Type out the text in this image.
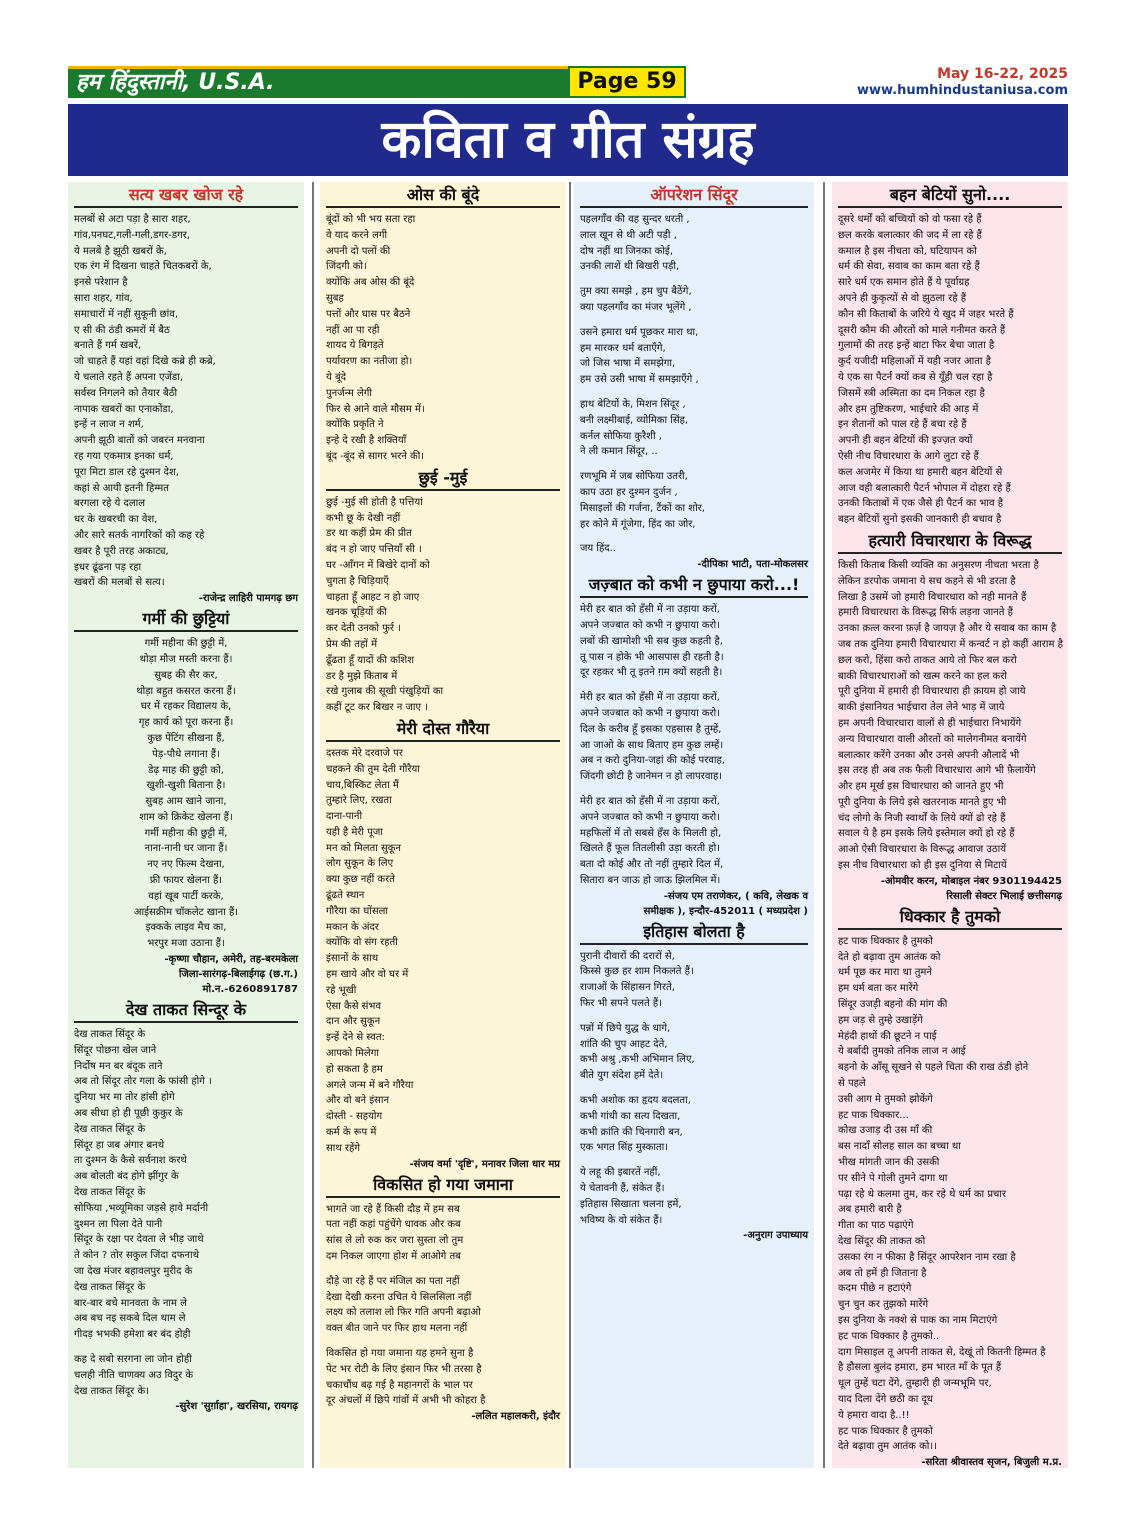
हम हिंदुस्तानी, U.S.A.	Page 59	May 16-22, 2025
www.humhindustaniusa.com
कविता व गीत संग्रह
सत्य खबर खोज रहे
मलबों से अटा पड़ा है सारा शहर,
गांव,पनघट,गली-गली,डगर-डगर,
ये मलबे है झूठी खबरों के,
एक रंग में दिखना चाहते चितकबरों के,
इनसे परेशान है
सारा शहर, गांव,
समाचारों में नहीं सुकूनी छांव,
ए सी की ठंडी कमरों में बैठ
बनाते हैं गर्म खबरें,
जो चाहते हैं यहां वहां दिखे कब्रे ही कब्रे,
ये चलाते रहते हैं अपना एजेंडा,
सर्वस्व निगलने को तैयार बैठी
नापाक खबरों का एनाकोंडा,
इन्हें न लाज न शर्म,
अपनी झूठी बातों को जबरन मनवाना
रह गया एकमात्र इनका धर्म,
पूरा मिटा डाल रहे दुश्मन देश,
कहां से आयी इतनी हिम्मत
बरगला रहे ये दलाल
धर के खबरची का वेश,
और सारे सतर्क नागरिकों को कह रहे
खबर है पूरी तरह अकाट्य,
इधर ढूंढना पड़ रहा
खबरों की मलबों से सत्य।
-राजेन्द्र लाहिरी पामगढ़ छग
गर्मी की छुट्टियां
गर्मी महीना की छुट्टी में,
थोड़ा मौज मस्ती करना हैं।
सुबह की सैर कर,
थोड़ा बहुत कसरत करना हैं।
घर में रहकर विद्यालय के,
गृह कार्य को पूरा करना हैं।
कुछ पेंटिंग सीखना हैं,
पेड़-पौधे लगाना हैं।
डेढ़ माह की छुट्टी को,
खुशी-खुशी बिताना है।
सुबह आम खाने जाना,
शाम को क्रिकेट खेलना हैं।
गर्मी महीना की छुट्टी में,
नाना-नानी घर जाना हैं।
नए नए फिल्म देखना,
फ्री फायर खेलना हैं।
वहां खूब पार्टी करके,
आईसक्रीम चॉकलेट खाना हैं।
इक्कके लाइव मैच का,
भरपुर मजा उठाना हैं।
-कृष्णा चौहान, अमेरी, तह-बरमकेला
जिला-सारंगढ़-बिलाईगढ़ (छ.ग.)
मो.न.-6260891787
देख ताकत सिन्दूर के
देख ताकत सिंदूर के
सिंदूर पोछना खेल जाने
निर्दोष मन बर बंदूक ताने
अब तो सिंदूर तोर गला के फांसी होगे ।
दुनिया भर मा तोर हांसी होगे
अब सीधा हो ही पूछी कुकुर के
देख ताकत सिंदूर के
सिंदूर हा जब अंगार बनथे
ता दुश्मन के कैसे सर्वनाश करथे
अब बोलती बंद होगे झींगुर के
देख ताकत सिंदूर के
सोफिया ,भव्यूमिका जड़से हावे मर्दानी
दुश्मन ला पिला देते पानी
सिंदूर के रक्षा पर देवता ले भीड़ जाथे
ते कोन ? तोर सकुल जिंदा दफनाथे
जा देख मंजर बहावलपुर मुरीद के
देख ताकत सिंदूर के
बार-बार बचे मानवता के नाम ले
अब बच नइ सकबे दिल थाम ले
गीदड़ भभकी हमेशा बर बंद होही
कह दे सबो सरगना ला जोन होही
चलही नीति चाणक्य अउ विदुर के
देख ताकत सिंदूर के।
-सुरेश 'सुर्ग़ाहा', खरसिया, रायगढ़
ओस की बूंदे
बूंदों को भी भय सता रहा
वे याद करने लगी
अपनी दो पलों की
जिंदगी को।
क्योंकि अब ओस की बूंदे
सुबह
पत्तों और घास पर बैठने
नहीं आ पा रही
शायद ये बिगड़ते
पर्यावरण का नतीजा हो।
ये बूंदे
पुनर्जन्म लेगी
फिर से आने वाले मौसम में।
क्योंकि प्रकृति ने
इन्हे दे रखी है शक्तियाँ
बूंद -बूंद से सागर भरने की।
छुई -मुई
छुई -मुई सी होती है पत्तियां
कभी छू के देखी नहीं
डर था कहीं प्रेम की प्रीत
बंद न हो जाए पत्तियाँ सी ।
घर -आँगन में बिखेरे दानों को
चुगता है चिड़ियाएँ
चाहता हूँ आहट न हो जाए
खनक चूड़ियों की
कर देती उनको फुर्र ।
प्रेम की तहों में
ढूँढता हूँ यादों की कशिश
डर है मुझे किताब में
रखे गुलाब की सूखी पंखुड़ियों का
कहीं टूट कर बिखर न जाए ।
मेरी दोस्त गौरैया
दस्तक मेरे दरवाजे पर
चहकने की तुम देती गौरैया
चाय,बिस्किट लेता मैं
तुम्हारे लिए, रखता
दाना-पानी
यही है मेरी पूजा
मन को मिलता सुकून
लोग सुकून के लिए
क्या कुछ नहीं करते
ढूंढते स्थान
गौरैया का घोंसला
मकान के अंदर
क्योंकि वो संग रहती
इंसानों के साथ
हम खाये और वो घर में
रहे भूखी
ऐसा कैसे संभव
दान और सुकून
इन्हें देने से स्वत:
आपको मिलेगा
हो सकता है हम
अगले जन्म में बने गौरैया
और वो बने इंसान
दोस्ती - सहयोग
कर्म के रूप में
साथ रहेंगे
-संजय वर्मा 'दृष्टि', मनावर जिला धार मप्र
विकसित हो गया जमाना
भागते जा रहे हैं किसी दौड़ में हम सब
पता नहीं कहां पहुंचेंगे धावक और कब
सांस ले लो रुक कर जरा सुस्ता लो तुम
दम निकल जाएगा होश में आओगे तब
दौड़े जा रहे हैं पर मंजिल का पता नहीं
देखा देखी करना उचित ये सिलसिला नहीं
लक्ष्य को तलाश लो फिर गति अपनी बढ़ाओ
वक्त बीत जाने पर फिर हाथ मलना नहीं
विकसित हो गया जमाना यह हमने सुना है
पेट भर रोटी के लिए इंसान फिर भी तरसा है
चकाचौंध बढ़ गई है महानगरों के भाल पर
दूर अंचलों में छिपे गांवों में अभी भी कोहरा है
-ललित महालकरी, इंदौर
ऑपरेशन सिंदूर
पहलगाँव की वह सुन्दर धरती ,
लाल खून से थी अटी पड़ी ,
दोष नहीं था जिनका कोई,
उनकी लाशें थी बिखरी पड़ी,
तुम क्या समझे , हम चुप बैठेंगे,
क्या पहलगाँव का मंजर भूलेंगे ,
उसने हमारा धर्म पूछकर मारा था,
हम मारकर धर्म बताएँगे,
जो जिस भाषा में समझेगा,
हम उसे उसी भाषा में समझाएँगे ,
हाथ बेटियों के, मिशन सिंदूर ,
बनी लक्ष्मीबाई, व्योमिका सिंह,
कर्नल सोफिया कुरैशी ,
ने ली कमान सिंदूर, ..
रणभूमि में जब सोफिया उतरी,
काप उठा हर दुश्मन दुर्जन ,
मिसाइलों की गर्जना, टैंकों का शोर,
हर कोने में गूंजेगा, हिंद का जोर,
जय हिंद..
-दीपिका भाटी, पता-मोकलसर
जज़्बात को कभी न छुपाया करो...!
मेरी हर बात को हँसी में ना उड़ाया करों,
अपने जज्बात को कभी न छुपाया करो।
लबों की खामोशी भी सब कुछ कहती है,
तू पास न होके भी आसपास ही रहती है।
दूर रहकर भी तू इतने ग़म क्यों सहती है।
मेरी हर बात को हँसी में ना उड़ाया करों,
अपने जज्बात को कभी न छुपाया करो।
दिल के करीब हूँ इसका एहसास है तुम्हें,
आ जाओ के साथ बिताए हम कुछ लम्हें।
अब न करो दुनिया-जहां की कोई परवाह,
जिंदगी छोटी है जानेमन न हो लापरवाह।
मेरी हर बात को हँसी में ना उड़ाया करों,
अपने जज्बात को कभी न छुपाया करो।
महफिलों में तो सबसे हँस के मिलती हो,
खिलते हैं फूल तितलीसी उड़ा करती हो।
बता दो कोई और तो नहीं तुम्हारे दिल में,
सितारा बन जाऊ हो जाऊ झिलमिल में।
-संजय एम तराणेकर, ( कवि, लेखक व
समीक्षक ), इन्दौर-452011 ( मध्यप्रदेश )
इतिहास बोलता है
पुरानी दीवारों की दरारों से,
किस्से कुछ हर शाम निकलते हैं।
राजाओं के सिंहासन गिरते,
फिर भी सपने पलते हैं।
पन्नों में छिपे युद्ध के धागे,
शांति की चुप आहट देते,
कभी अश्रु ,कभी अभिमान लिए,
बीते युग संदेश हमें देते।
कभी अशोक का हृदय बदलता,
कभी गांधी का सत्य दिखता,
कभी क्रांति की चिनगारी बन,
एक भगत सिंह मुस्काता।
ये लहू की इबारतें नहीं,
ये चेतावनी हैं, संकेत हैं।
इतिहास सिखाता चलना हमें,
भविष्य के वो संकेत हैं।
-अनुराग उपाध्याय
बहन बेटियों सुनो....
दूसरे धर्मों को बच्चियों को वो फसा रहे हैं
छल करके बलात्कार की जद में ला रहे हैं
कमाल है इस नीचता को, घटियापन को
धर्म की सेवा, सवाब का काम बता रहे हैं
सारे धर्म एक समान होते हैं ये पूर्वाग्रह
अपने ही कुकृत्यों से वो झुठला रहे हैं
कौन सी किताबों के जरिये ये खुद में जहर भरते हैं
दूसरी कौम की औरतों को माले गनीमत करते हैं
गुलामों की तरह इन्हें बाटा फिर बेचा जाता है
कुर्द यजीदी महिलाओं में यही नजर आता है
ये एक सा पैटर्न क्यों कब से यूँही चल रहा है
जिसमें स्त्री अस्मिता का दम निकल रहा है
और हम तुष्टिकरण, भाईचारे की आड़ में
इन शैतानों को पाल रहे हैं बचा रहे हैं
अपनी ही बहन बेटियों की इज्ज़त क्यों
ऐसी नीच विचारधारा के आगे लुटा रहे हैं
कल अजमेर में किया था हमारी बहन बेटियों से
आज वही बलात्कारी पैटर्न भोपाल में दोहरा रहे हैं
उनकी किताबों में एक जैसे ही पैटर्न का भाव है
बहन बेटियों सुनो इसकी जानकारी ही बचाव है
हत्यारी विचारधारा के विरूद्ध
किसी किताब किसी व्यक्ति का अनुसरण नीचता भरता है
लेकिन डरपोक जमाना ये सच कहने से भी डरता है
लिखा है उसमें जो हमारी विचारधारा को नही मानते हैं
हमारी विचारधारा के विरूद्ध सिर्फ लड़ना जानते हैं
उनका क़त्ल करना फ़र्ज़ है जायज़ है और ये सवाब का काम है
जब तक दुनिया हमारी विचारधारा में कन्वर्ट न हो कहीं आराम है
छल करो, हिंसा करो ताकत आये तो फिर बल करो
बाकी विचारधाराओं को खत्म करने का हल करो
पूरी दुनिया में हमारी ही विचारधारा ही क़ायम हो जाये
बाकी इंसानियत भाईचारा तेल लेने भाड़ में जाये
हम अपनी विचारधारा वालों से ही भाईचारा निभायेंगे
अन्य विचारधारा वाली औरतों को मालेगनीमत बनायेंगे
बलात्कार करेंगे उनका और उनसे अपनी औलादें भी
इस तरह ही अब तक फैली विचारधारा आगे भी फ़ैलायेंगे
और हम मूर्ख इस विचारधारा को जानते हुए भी
पूरी दुनिया के लिये इसे खतरनाक मानते हुए भी
चंद लोगो के निजी स्वार्थों के लिये क्यों ढो रहे हैं
सवाल ये है हम इसके लिये इस्तेमाल क्यों हो रहे हैं
आओ ऐसी विचारधारा के विरूद्ध आवाज उठायें
इस नीच विचारधारा को ही इस दुनिया से मिटायें
-ओमवीर करन, मोबाइल नंबर 9301194425
रिसाली सेक्टर भिलाई छत्तीसगढ़
धिक्कार है तुमको
हट पाक धिक्कार है तुमको
देते हो बढ़ावा तुम आतंक को
धर्म पूछ कर मारा था तुमने
हम धर्म बता कर मारेंगे
सिंदूर उजड़ी बहनो की मांग की
हम जड़ से तुम्हे उखाड़ेंगे
मेहंदी हाथों की छूटने न पाई
ये बर्बादी तुमको तनिक लाज न आई
बहनो के आँसू सूखने से पहले चिता की राख ठंडी होने
से पहले
उसी आग मे तुमको झोकेंगे
हट पाक धिक्कार...
कोख उजाड़ दी उस माँ की
बस नादाँ सोलह साल का बच्चा था
भीख मांगती जान की उसकी
पर सीने पे गोली तुमने दागा था
पढ़ा रहे थे कलमा तुम, कर रहे थे धर्म का प्रचार
अब हमारी बारी है
गीता का पाठ पढ़ाएंगे
देख सिंदूर की ताकत को
उसका रंग न फीका है सिंदूर आपरेशन नाम रखा है
अब तो हमें ही जिताना है
कदम पीछे न हटाएंगे
चुन चुन कर तुझको मारेंगे
इस दुनिया के नक्शे से पाक का नाम मिटाएंगे
हट पाक धिक्कार है तुमको..
दाग मिसाइल तू अपनी ताकत से, देखूं तो कितनी हिम्मत है
है हौसला बुलंद हमारा, हम भारत माँ के पूत हैं
धूल तुम्हें चटा देंगे, तुम्हारी ही जन्मभूमि पर,
याद दिला देंगे छठी का दूध
ये हमारा वादा है..!!
हट पाक धिक्कार है तुमको
देते बढ़ावा तुम आतंक को।।
-सरिता श्रीवास्तव सृजन, बिजुली म.प्र.
